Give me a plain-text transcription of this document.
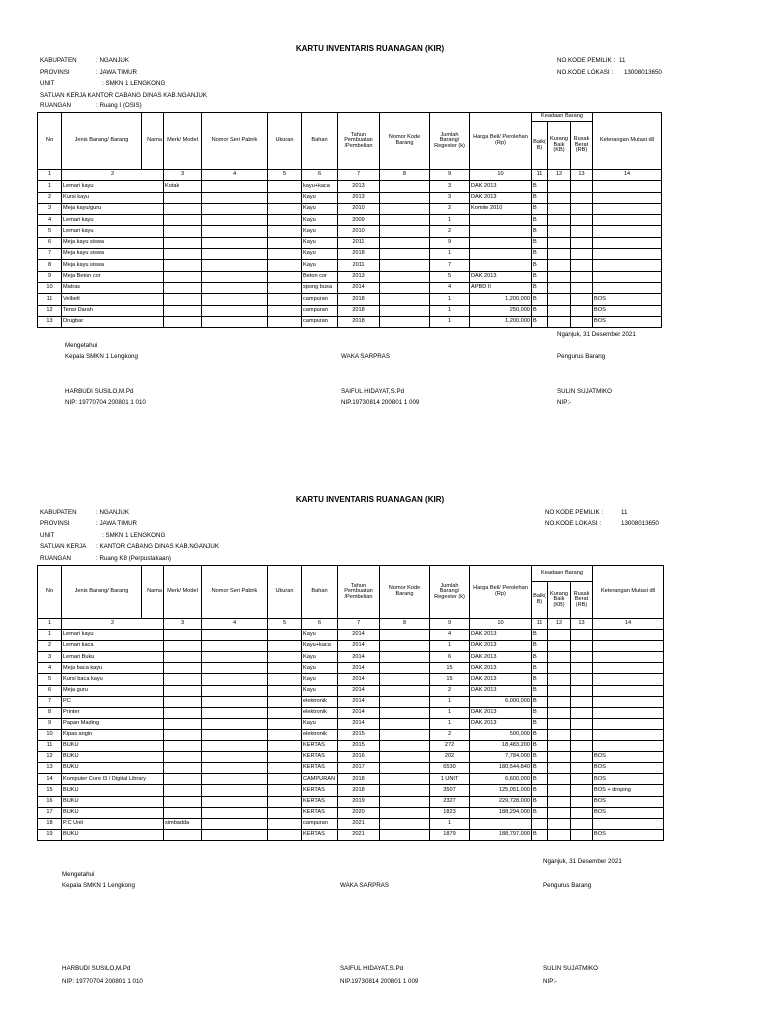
KARTU INVENTARIS RUANAGAN (KIR)
KABUPATEN	: NGANJUK
PROVINSI	: JAWA TIMUR
UNIT	: SMKN 1 LENGKONG
SATUAN KERJA: KANTOR CABANG DINAS KAB.NGANJUK
RUANGAN	: Ruang I (OSIS)
NO KODE PEMILIK : 11
NO.KODE LOKASI : 13008013650
No	Jenis Barang/ Barang	Nama	Merk/ Model	Nomor Seri Pabrik	Ukuran	Bahan	Tahun Pembuatan /Pembelian	Nomor Kode Barang	Jumlah Barang/ Regester (k)	Harga Beli/ Perolehan (Rp)	Keadaan Barang			Keterangan Mutasi dll
											Baik( B)	Kurang Baik (KB)	Rusak Berat (RB)	
1	2		3	4	5	6	7	8	9	10	11	12	13	14
1	Lemari kayu		Kotak			kayu+kaca	2013		3	DAK 2013	B			
2	Kursi kayu					Kayu	2013		3	DAK 2013	B			
3	Meja kayu/guru					Kayu	2010		2	Komite 2010	B			
4	Lemari kayu					Kayu	2009		1		B			
5	Lemari kayu					Kayu	2010		2		B			
6	Meja kayu siswa					Kayu	2011		9		B			
7	Meja kayu siswa					Kayu	2018		1		B			
8	Meja kayu siswa					Kayu	2011		7		B			
9	Meja Beton cor					Beton cor	2013		5	DAK 2013	B			
10	Matras					spong busa	2014		4	APBD II	B			
11	Velbelt					campuran	2018		1	1,200,000	B			BOS
12	Tensi Darah					campuran	2018		1	250,000	B			BOS
13	Drugbar					campuran	2018		1	1,200,000	B			BOS
Nganjuk, 31 Desember 2021
Mengetahui
Kepala SMKN 1 Lengkong	WAKA SARPRAS	Pengurus Barang
HARBUDI SUSILO,M.Pd
NIP: 19770704 200801 1 010
SAIFUL HIDAYAT,S.Pd
NIP.19730814 200801 1 009
SULIN SUJATMIKO
NIP:-
KARTU INVENTARIS RUANAGAN (KIR)
KABUPATEN	: NGANJUK
PROVINSI	: JAWA TIMUR
UNIT	: SMKN 1 LENGKONG
SATUAN KERJA : KANTOR CABANG DINAS KAB.NGANJUK
RUANGAN	: Ruang K8 (Perpustakaan)
NO KODE PEMILIK :	11
NO.KODE LOKASI :	13008013650
No	Jenis Barang/ Barang	Nama	Merk/ Model	Nomor Seri Pabrik	Ukuran	Bahan	Tahun Pembuatan /Pembelian	Nomor Kode Barang	Jumlah Barang/ Regester (k)	Harga Beli/ Perolehan (Rp)	Keadaan Barang			Keterangan Mutasi dll
											Baik( B)	Kurang Baik (KB)	Rusak Berat (RB)	
1	2		3	4	5	6	7	8	9	10	11	12	13	14
1	Lemari kayu					Kayu	2014		4	DAK 2013	B			
2	Lemari kaca					Kayu+kaca	2014		1	DAK 2013	B			
3	Lemari Buku					Kayu	2014		6	DAK 2013	B			
4	Meja baca kayu					Kayu	2014		15	DAK 2013	B			
5	Kursi baca kayu					Kayu	2014		15	DAK 2013	B			
6	Meja guru					Kayu	2014		2	DAK 2013	B			
7	PC					elektronik	2014		1	6,000,000	B			
8	Printer					elektronik	2014		1	DAK 2013	B			
9	Papan Mading					Kayu	2014		1	DAK 2013	B			
10	Kipas angin					elektronik	2015		2	500,000	B			
11	BUKU					KERTAS	2015		272	18,483,200	B			
12	BUKU					KERTAS	2016		202	7,784,000	B			BOS
13	BUKU					KERTAS	2017		6530	180,544,840	B			BOS
14	Komputer Core I3 / Digital Library					CAMPURAN	2018		1 UNIT	6,600,000	B			BOS
15	BUKU					KERTAS	2018		3507	125,051,000	B			BOS + droping
16	BUKU					KERTAS	2019		2327	229,728,000	B			BOS
17	BUKU					KERTAS	2020		1823	188,294,000	B			BOS
18	P.C Unit		simbadda			campuran	2021		1					
19	BUKU					KERTAS	2021		1879	188,797,000	B			BOS
Nganjuk, 31 Desember 2021
Mengetahui
Kepala SMKN 1 Lengkong	WAKA SARPRAS	Pengurus Barang
HARBUDI SUSILO,M.Pd
NIP: 19770704 200801 1 010
SAIFUL HIDAYAT,S.Pd
NIP.19730814 200801 1 009
SULIN SUJATMIKO
NIP:-
